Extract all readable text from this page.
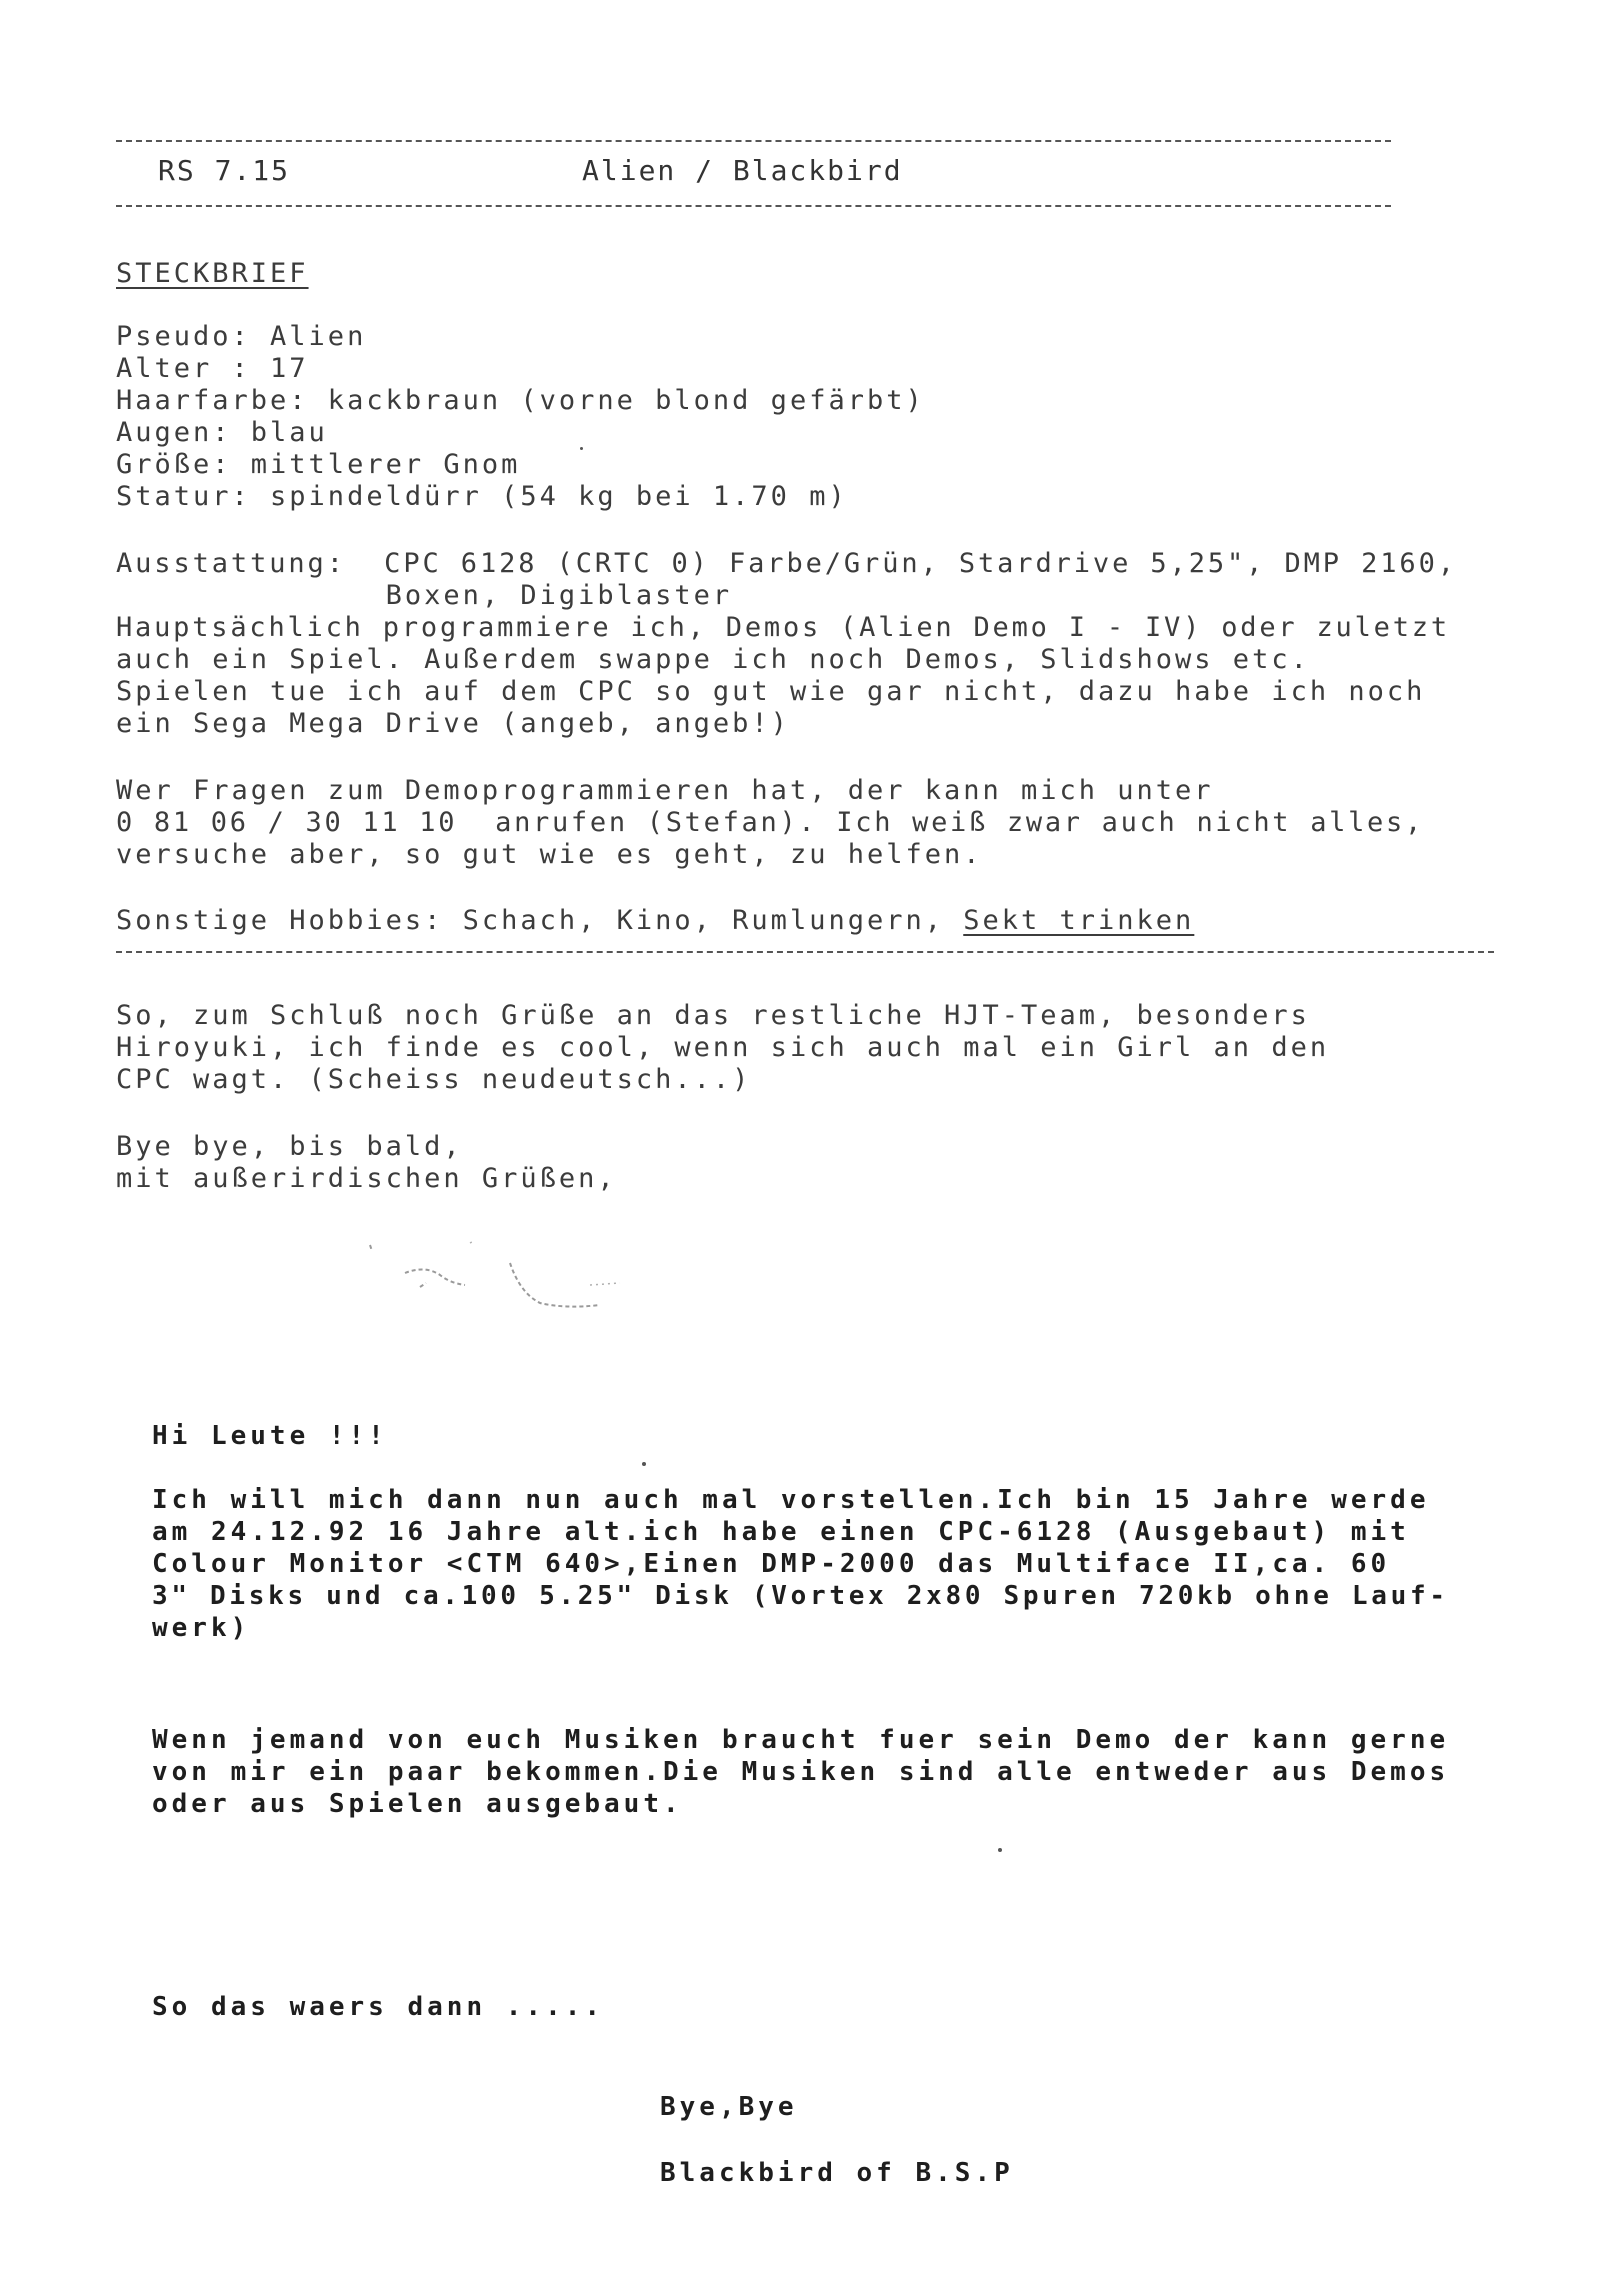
RS 7.15	Alien / Blackbird
STECKBRIEF
Pseudo: Alien
Alter : 17
Haarfarbe: kackbraun (vorne blond gefärbt)
Augen: blau
Größe: mittlerer Gnom
Statur: spindeldürr (54 kg bei 1.70 m)
Ausstattung:  CPC 6128 (CRTC 0) Farbe/Grün, Stardrive 5,25", DMP 2160,
Boxen, Digiblaster
Hauptsächlich programmiere ich, Demos (Alien Demo I - IV) oder zuletzt
auch ein Spiel. Außerdem swappe ich noch Demos, Slidshows etc.
Spielen tue ich auf dem CPC so gut wie gar nicht, dazu habe ich noch
ein Sega Mega Drive (angeb, angeb!)
Wer Fragen zum Demoprogrammieren hat, der kann mich unter
0 81 06 / 30 11 10  anrufen (Stefan). Ich weiß zwar auch nicht alles,
versuche aber, so gut wie es geht, zu helfen.
Sonstige Hobbies: Schach, Kino, Rumlungern, Sekt trinken
So, zum Schluß noch Grüße an das restliche HJT-Team, besonders
Hiroyuki, ich finde es cool, wenn sich auch mal ein Girl an den
CPC wagt. (Scheiss neudeutsch...)
Bye bye, bis bald,
mit außerirdischen Grüßen,
Hi Leute !!!
Ich will mich dann nun auch mal vorstellen.Ich bin 15 Jahre werde
am 24.12.92 16 Jahre alt.ich habe einen CPC-6128 (Ausgebaut) mit
Colour Monitor <CTM 640>,Einen DMP-2000 das Multiface II,ca. 60
3" Disks und ca.100 5.25" Disk (Vortex 2x80 Spuren 720kb ohne Lauf-
werk)
Wenn jemand von euch Musiken braucht fuer sein Demo der kann gerne
von mir ein paar bekommen.Die Musiken sind alle entweder aus Demos
oder aus Spielen ausgebaut.
So das waers dann .....
Bye,Bye
Blackbird of B.S.P
